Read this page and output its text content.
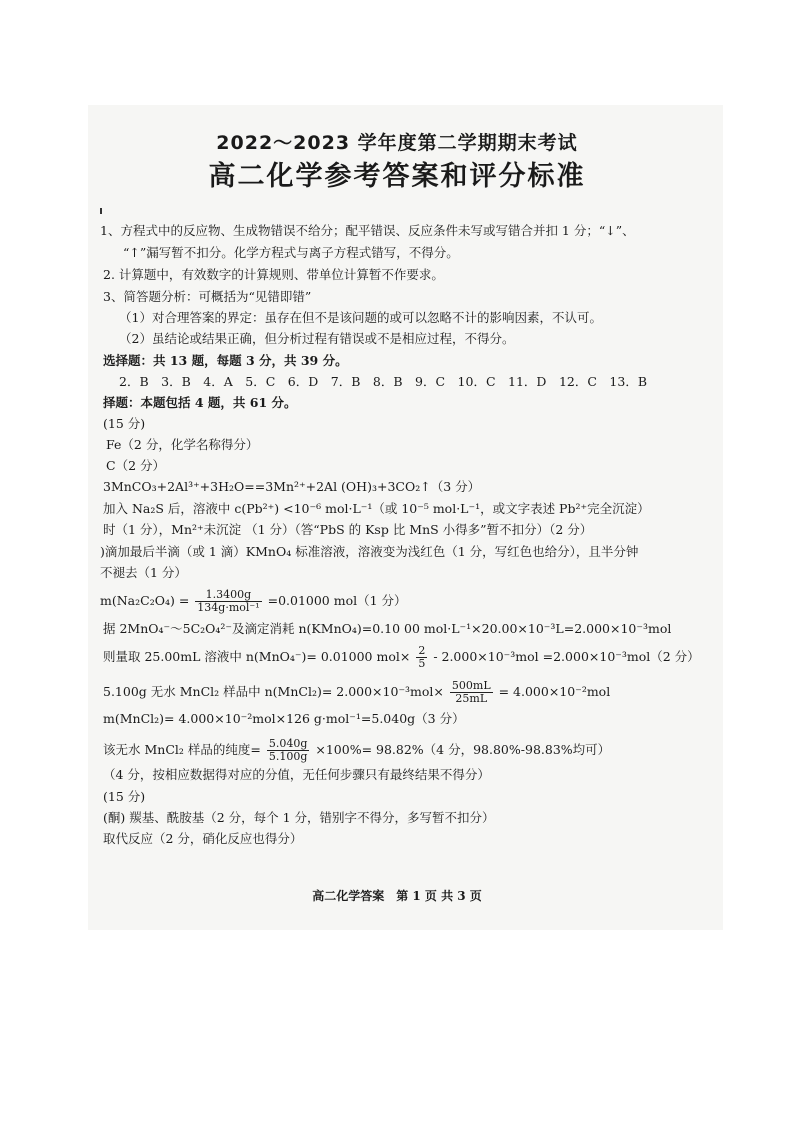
2022～2023 学年度第二学期期末考试
高二化学参考答案和评分标准
1、方程式中的反应物、生成物错误不给分；配平错误、反应条件未写或写错合并扣 1 分；“↓”、
“↑”漏写暂不扣分。化学方程式与离子方程式错写，不得分。
2. 计算题中，有效数字的计算规则、带单位计算暂不作要求。
3、简答题分析：可概括为“见错即错”
（1）对合理答案的界定：虽存在但不是该问题的或可以忽略不计的影响因素，不认可。
（2）虽结论或结果正确，但分析过程有错误或不是相应过程，不得分。
选择题：共 13 题，每题 3 分，共 39 分。
2．B　3．B　4．A　5．C　6．D　7．B　8．B　9．C　10．C　11．D　12．C　13．B
择题：本题包括 4 题，共 61 分。
(15 分)
Fe（2 分，化学名称得分）
C（2 分）
3MnCO₃+2Al³⁺+3H₂O==3Mn²⁺+2Al (OH)₃+3CO₂↑（3 分）
加入 Na₂S 后，溶液中 c(Pb²⁺) <10⁻⁶ mol·L⁻¹（或 10⁻⁵ mol·L⁻¹，或文字表述 Pb²⁺完全沉淀）
时（1 分），Mn²⁺未沉淀 （1 分）（答“PbS 的 Ksp 比 MnS 小得多”暂不扣分）（2 分）
)滴加最后半滴（或 1 滴）KMnO₄ 标准溶液，溶液变为浅红色（1 分，写红色也给分），且半分钟
不褪去（1 分）
$m(Na_2C_2O_4) = \frac{1.3400g}{\text{134g·mol⁻¹}} =0.01000$ mol（1 分）
据 2MnO₄⁻～5C₂O₄²⁻及滴定消耗 n(KMnO₄)=0.10 00 mol·L⁻¹×20.00×10⁻³L=2.000×10⁻³mol
则量取 25.00mL 溶液中 n(MnO₄⁻)= 0.01000 $mol\times \frac{2}{5} - 2.000\times 10^{-3}mol =2.000\times 10^{-3}mol(2$ 分）
5.100g 无水 MnCl₂ 样品中 n(MnCl₂)= $2.000\times 10^{-3}mol\times \frac{500mL}{25mL} = 4.000\times 10^{-2}mol$
m(MnCl₂)= 4.000×10⁻²mol×126 g·mol⁻¹=5.040g（3 分）
该无水 MnCl₂ 样品的纯度= $\frac{5.040g}{5.100g} \times 100\%= 98.82\%(4$ 分，98.80%-98.83%均可）
（4 分，按相应数据得对应的分值，无任何步骤只有最终结果不得分）
(15 分)
(酮) 羰基、酰胺基（2 分，每个 1 分，错别字不得分，多写暂不扣分）
取代反应（2 分，硝化反应也得分）
高二化学答案　第 1 页 共 3 页
